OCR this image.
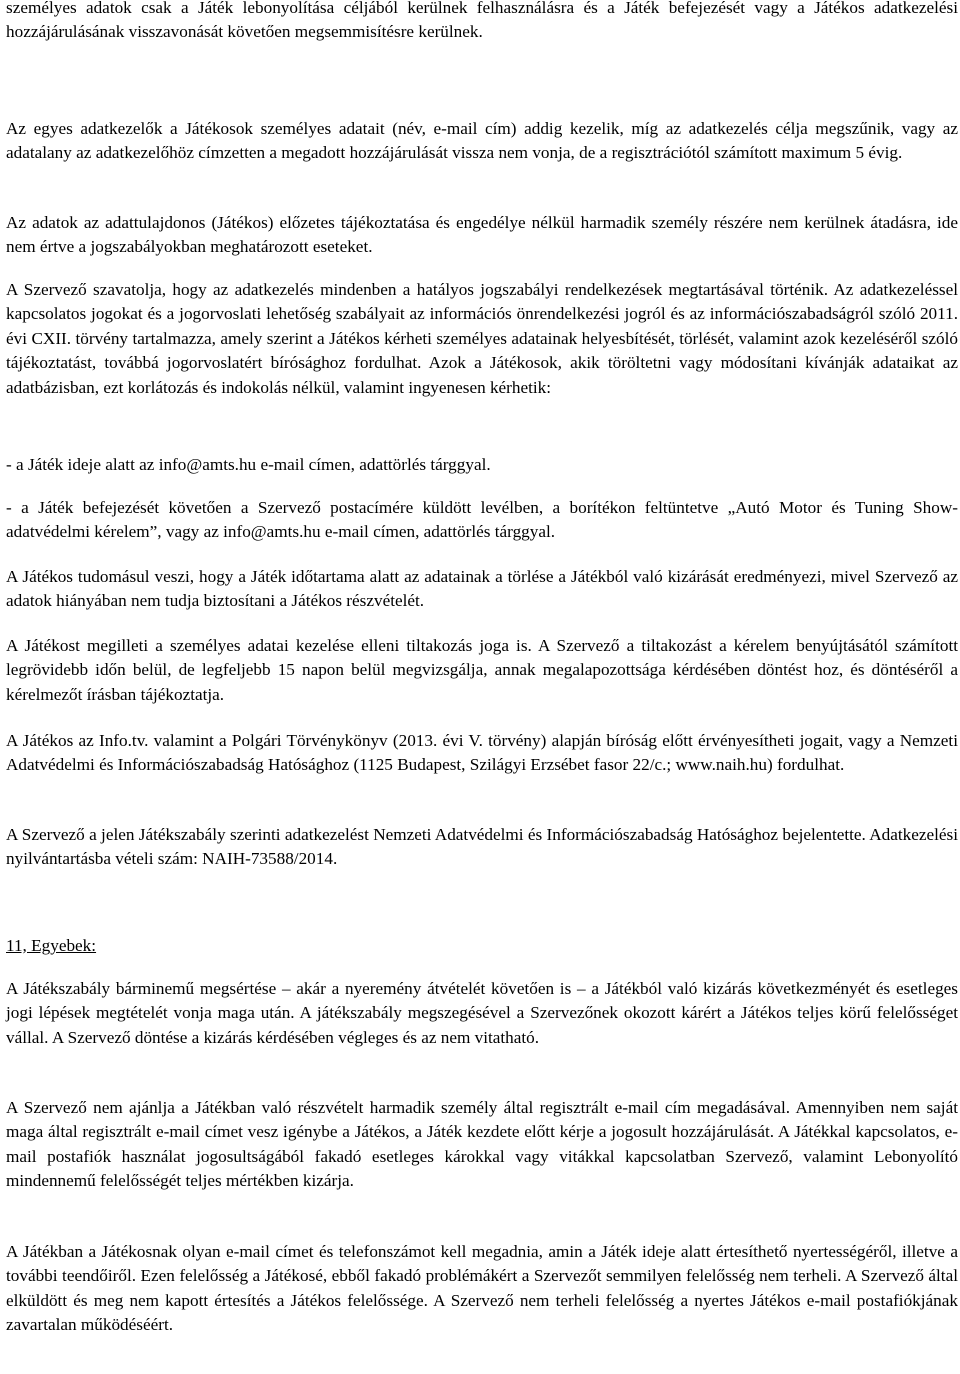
személyes adatok csak a Játék lebonyolítása céljából kerülnek felhasználásra és a Játék befejezését vagy a Játékos adatkezelési hozzájárulásának visszavonását követően megsemmisítésre kerülnek.

Az egyes adatkezelők a Játékosok személyes adatait (név, e-mail cím) addig kezelik, míg az adatkezelés célja megszűnik, vagy az adatalany az adatkezelőhöz címzetten a megadott hozzájárulását vissza nem vonja, de a regisztrációtól számított maximum 5 évig.

Az adatok az adattulajdonos (Játékos) előzetes tájékoztatása és engedélye nélkül harmadik személy részére nem kerülnek átadásra, ide nem értve a jogszabályokban meghatározott eseteket.

A Szervező szavatolja, hogy az adatkezelés mindenben a hatályos jogszabályi rendelkezések megtartásával történik. Az adatkezeléssel kapcsolatos jogokat és a jogorvoslati lehetőség szabályait az információs önrendelkezési jogról és az információszabadságról szóló 2011. évi CXII. törvény tartalmazza, amely szerint a Játékos kérheti személyes adatainak helyesbítését, törlését, valamint azok kezeléséről szóló tájékoztatást, továbbá jogorvoslatért bírósághoz fordulhat. Azok a Játékosok, akik töröltetni vagy módosítani kívánják adataikat az adatbázisban, ezt korlátozás és indokolás nélkül, valamint ingyenesen kérhetik:

- a Játék ideje alatt az info@amts.hu e-mail címen, adattörlés tárggyal.

- a Játék befejezését követően a Szervező postacímére küldött levélben, a borítékon feltüntetve „Autó Motor és Tuning Show- adatvédelmi kérelem”, vagy az info@amts.hu e-mail címen, adattörlés tárggyal.

A Játékos tudomásul veszi, hogy a Játék időtartama alatt az adatainak a törlése a Játékból való kizárását eredményezi, mivel Szervező az adatok hiányában nem tudja biztosítani a Játékos részvételét.

A Játékost megilleti a személyes adatai kezelése elleni tiltakozás joga is. A Szervező a tiltakozást a kérelem benyújtásától számított legrövidebb időn belül, de legfeljebb 15 napon belül megvizsgálja, annak megalapozottsága kérdésében döntést hoz, és döntéséről a kérelmezőt írásban tájékoztatja.

A Játékos az Info.tv. valamint a Polgári Törvénykönyv (2013. évi V. törvény) alapján bíróság előtt érvényesítheti jogait, vagy a Nemzeti Adatvédelmi és Információszabadság Hatósághoz (1125 Budapest, Szilágyi Erzsébet fasor 22/c.; www.naih.hu) fordulhat.

A Szervező a jelen Játékszabály szerinti adatkezelést Nemzeti Adatvédelmi és Információszabadság Hatósághoz bejelentette. Adatkezelési nyilvántartásba vételi szám: NAIH-73588/2014.

11, Egyebek:

A Játékszabály bárminemű megsértése – akár a nyeremény átvételét követően is – a Játékból való kizárás következményét és esetleges jogi lépések megtételét vonja maga után. A játékszabály megszegésével a Szervezőnek okozott kárért a Játékos teljes körű felelősséget vállal. A Szervező döntése a kizárás kérdésében végleges és az nem vitatható.

A Szervező nem ajánlja a Játékban való részvételt harmadik személy által regisztrált e-mail cím megadásával. Amennyiben nem saját maga által regisztrált e-mail címet vesz igénybe a Játékos, a Játék kezdete előtt kérje a jogosult hozzájárulását. A Játékkal kapcsolatos, e-mail postafiók használat jogosultságából fakadó esetleges károkkal vagy vitákkal kapcsolatban Szervező, valamint Lebonyolító mindennemű felelősségét teljes mértékben kizárja.

A Játékban a Játékosnak olyan e-mail címet és telefonszámot kell megadnia, amin a Játék ideje alatt értesíthető nyertességéről, illetve a további teendőiről. Ezen felelősség a Játékosé, ebből fakadó problémákért a Szervezőt semmilyen felelősség nem terheli. A Szervező által elküldött és meg nem kapott értesítés a Játékos felelőssége. A Szervező nem terheli felelősség a nyertes Játékos e-mail postafiókjának zavartalan működéséért.
